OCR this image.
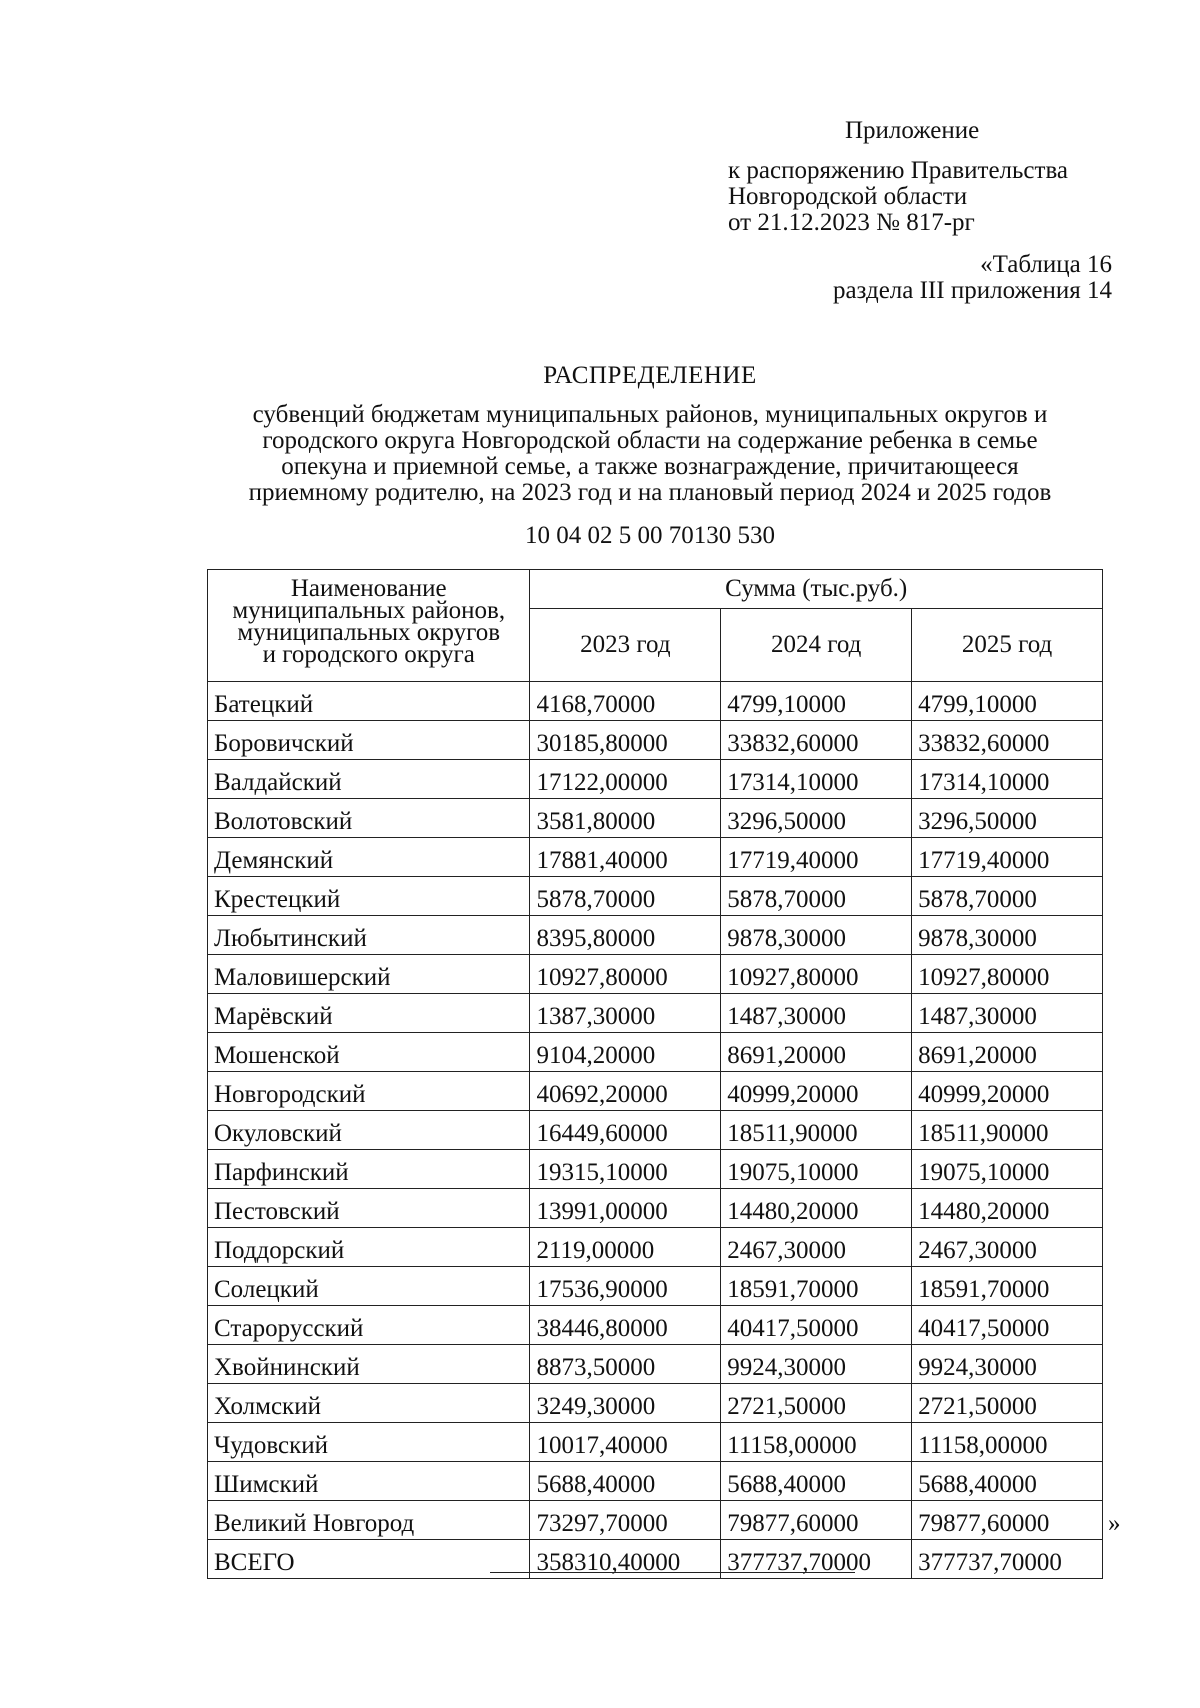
Приложение
к распоряжению Правительства
Новгородской области
от 21.12.2023 № 817-рг
«Таблица 16
раздела III приложения 14
РАСПРЕДЕЛЕНИЕ
субвенций бюджетам муниципальных районов, муниципальных округов и
городского округа Новгородской области на содержание ребенка в семье
опекуна и приемной семье, а также вознаграждение, причитающееся
приемному родителю, на 2023 год и на плановый период 2024 и 2025 годов
10 04 02 5 00 70130 530
Наименование
муниципальных районов,
муниципальных округов
и городского округа	Сумма (тыс.руб.)		
	2023 год	2024 год	2025 год
Батецкий	4168,70000	4799,10000	4799,10000
Боровичский	30185,80000	33832,60000	33832,60000
Валдайский	17122,00000	17314,10000	17314,10000
Волотовский	3581,80000	3296,50000	3296,50000
Демянский	17881,40000	17719,40000	17719,40000
Крестецкий	5878,70000	5878,70000	5878,70000
Любытинский	8395,80000	9878,30000	9878,30000
Маловишерский	10927,80000	10927,80000	10927,80000
Марёвский	1387,30000	1487,30000	1487,30000
Мошенской	9104,20000	8691,20000	8691,20000
Новгородский	40692,20000	40999,20000	40999,20000
Окуловский	16449,60000	18511,90000	18511,90000
Парфинский	19315,10000	19075,10000	19075,10000
Пестовский	13991,00000	14480,20000	14480,20000
Поддорский	2119,00000	2467,30000	2467,30000
Солецкий	17536,90000	18591,70000	18591,70000
Старорусский	38446,80000	40417,50000	40417,50000
Хвойнинский	8873,50000	9924,30000	9924,30000
Холмский	3249,30000	2721,50000	2721,50000
Чудовский	10017,40000	11158,00000	11158,00000
Шимский	5688,40000	5688,40000	5688,40000
Великий Новгород	73297,70000	79877,60000	79877,60000
ВСЕГО	358310,40000	377737,70000	377737,70000
»
